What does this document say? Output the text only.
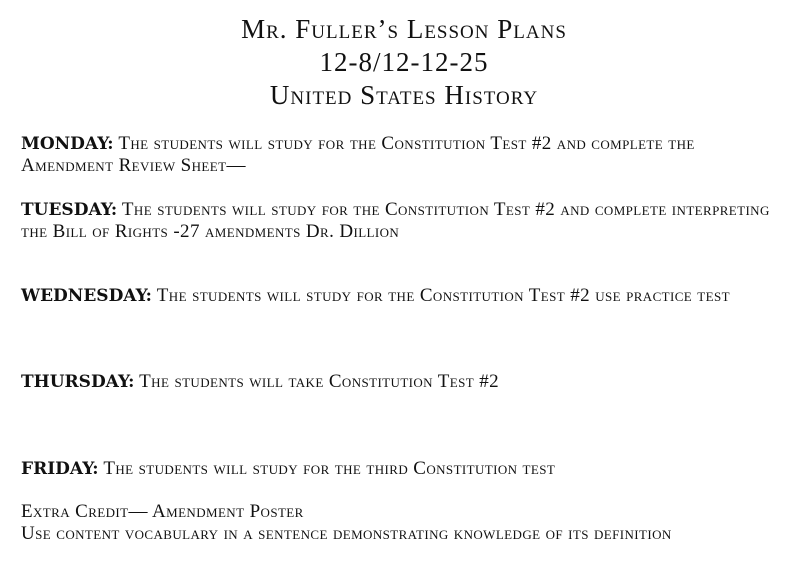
Mr. Fuller’s Lesson Plans
12-8/12-12-25
United States History
MONDAY: The students will study for the Constitution Test #2 and complete the Amendment Review Sheet—
TUESDAY: The students will study for the Constitution Test #2 and complete interpreting the Bill of Rights -27 amendments Dr. Dillion
WEDNESDAY: The students will study for the Constitution Test #2 use practice test
THURSDAY: The students will take Constitution Test #2
FRIDAY: The students will study for the third Constitution test
Extra Credit— Amendment Poster
Use content vocabulary in a sentence demonstrating knowledge of its definition
